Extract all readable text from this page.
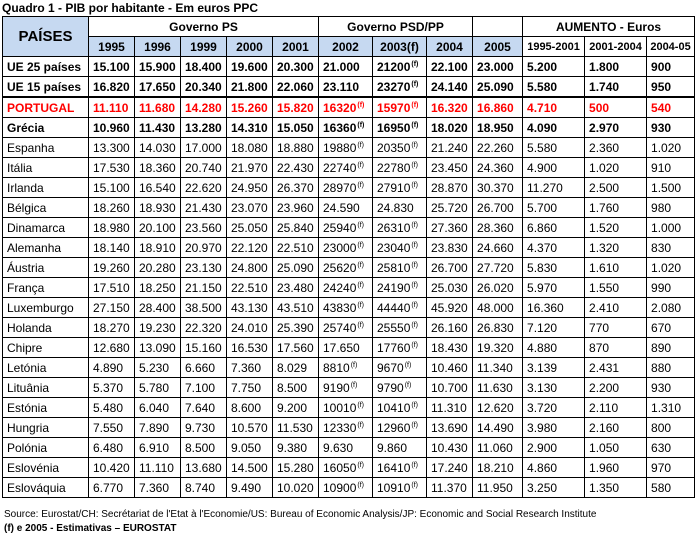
Quadro 1 - PIB por habitante - Em euros PPC
PAÍSES	Governo PS					Governo PSD/PP				AUMENTO - Euros		
	1995	1996	1999	2000	2001	2002	2003(f)	2004	2005	1995-2001	2001-2004	2004-05
UE 25 países	15.100	15.900	18.400	19.600	20.300	21.000	21200$^{(f)}$	22.100	23.000	5.200	1.800	900
UE 15 países	16.820	17.650	20.340	21.800	22.060	23.110	23270$^{(f)}$	24.140	25.090	5.580	1.740	950
PORTUGAL	11.110	11.680	14.280	15.260	15.820	16320$^{(f)}$	15970$^{(f)}$	16.320	16.860	4.710	500	540
Grécia	10.960	11.430	13.280	14.310	15.050	16360$^{(f)}$	16950$^{(f)}$	18.020	18.950	4.090	2.970	930
Espanha	13.300	14.030	17.000	18.080	18.880	19880$^{(f)}$	20350$^{(f)}$	21.240	22.260	5.580	2.360	1.020
Itália	17.530	18.360	20.740	21.970	22.430	22740$^{(f)}$	22780$^{(f)}$	23.450	24.360	4.900	1.020	910
Irlanda	15.100	16.540	22.620	24.950	26.370	28970$^{(f)}$	27910$^{(f)}$	28.870	30.370	11.270	2.500	1.500
Bélgica	18.260	18.930	21.430	23.070	23.960	24.590	24.830	25.720	26.700	5.700	1.760	980
Dinamarca	18.980	20.100	23.560	25.050	25.840	25940$^{(f)}$	26310$^{(f)}$	27.360	28.360	6.860	1.520	1.000
Alemanha	18.140	18.910	20.970	22.120	22.510	23000$^{(f)}$	23040$^{(f)}$	23.830	24.660	4.370	1.320	830
Áustria	19.260	20.280	23.130	24.800	25.090	25620$^{(f)}$	25810$^{(f)}$	26.700	27.720	5.830	1.610	1.020
França	17.510	18.250	21.150	22.510	23.480	24240$^{(f)}$	24190$^{(f)}$	25.030	26.020	5.970	1.550	990
Luxemburgo	27.150	28.400	38.500	43.130	43.510	43830$^{(f)}$	44440$^{(f)}$	45.920	48.000	16.360	2.410	2.080
Holanda	18.270	19.230	22.320	24.010	25.390	25740$^{(f)}$	25550$^{(f)}$	26.160	26.830	7.120	770	670
Chipre	12.680	13.090	15.160	16.530	17.560	17.650	17760$^{(f)}$	18.430	19.320	4.880	870	890
Letónia	4.890	5.230	6.660	7.360	8.029	8810$^{(f)}$	9670$^{(f)}$	10.460	11.340	3.139	2.431	880
Lituânia	5.370	5.780	7.100	7.750	8.500	9190$^{(f)}$	9790$^{(f)}$	10.700	11.630	3.130	2.200	930
Estónia	5.480	6.040	7.640	8.600	9.200	10010$^{(f)}$	10410$^{(f)}$	11.310	12.620	3.720	2.110	1.310
Hungria	7.550	7.890	9.730	10.570	11.530	12330$^{(f)}$	12960$^{(f)}$	13.690	14.490	3.980	2.160	800
Polónia	6.480	6.910	8.500	9.050	9.380	9.630	9.860	10.430	11.060	2.900	1.050	630
Eslovénia	10.420	11.110	13.680	14.500	15.280	16050$^{(f)}$	16410$^{(f)}$	17.240	18.210	4.860	1.960	970
Eslováquia	6.770	7.360	8.740	9.490	10.020	10900$^{(f)}$	10910$^{(f)}$	11.370	11.950	3.250	1.350	580
Source: Eurostat/CH: Secrétariat de l'Etat à l'Economie/US: Bureau of Economic Analysis/JP: Economic and Social Research Institute
(f) e 2005 - Estimativas – EUROSTAT
